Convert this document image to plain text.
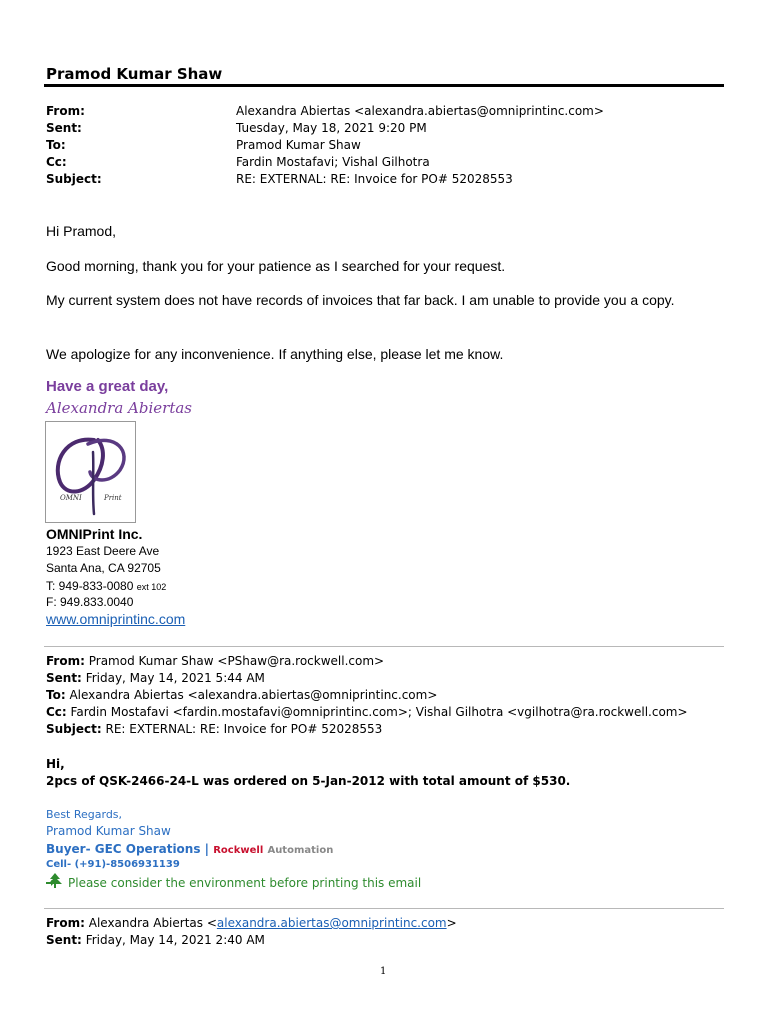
Pramod Kumar Shaw
From:	Alexandra Abiertas <alexandra.abiertas@omniprintinc.com>
Sent:	Tuesday, May 18, 2021 9:20 PM
To:	Pramod Kumar Shaw
Cc:	Fardin Mostafavi; Vishal Gilhotra
Subject:	RE: EXTERNAL: RE: Invoice for PO# 52028553
Hi Pramod,
Good morning, thank you for your patience as I searched for your request.
My current system does not have records of invoices that far back. I am unable to provide you a copy.
We apologize for any inconvenience. If anything else, please let me know.
Have a great day,
Alexandra Abiertas
OMNI	Print
OMNIPrint Inc.
1923 East Deere Ave
Santa Ana, CA 92705
T: 949-833-0080 ext 102
F: 949.833.0040
www.omniprintinc.com
From: Pramod Kumar Shaw <PShaw@ra.rockwell.com>
Sent: Friday, May 14, 2021 5:44 AM
To: Alexandra Abiertas <alexandra.abiertas@omniprintinc.com>
Cc: Fardin Mostafavi <fardin.mostafavi@omniprintinc.com>; Vishal Gilhotra <vgilhotra@ra.rockwell.com>
Subject: RE: EXTERNAL: RE: Invoice for PO# 52028553
Hi,
2pcs of QSK-2466-24-L was ordered on 5-Jan-2012 with total amount of $530.
Best Regards,
Pramod Kumar Shaw
Buyer- GEC Operations | Rockwell Automation
Cell- (+91)-8506931139
Please consider the environment before printing this email
From: Alexandra Abiertas <alexandra.abiertas@omniprintinc.com>
Sent: Friday, May 14, 2021 2:40 AM
1
